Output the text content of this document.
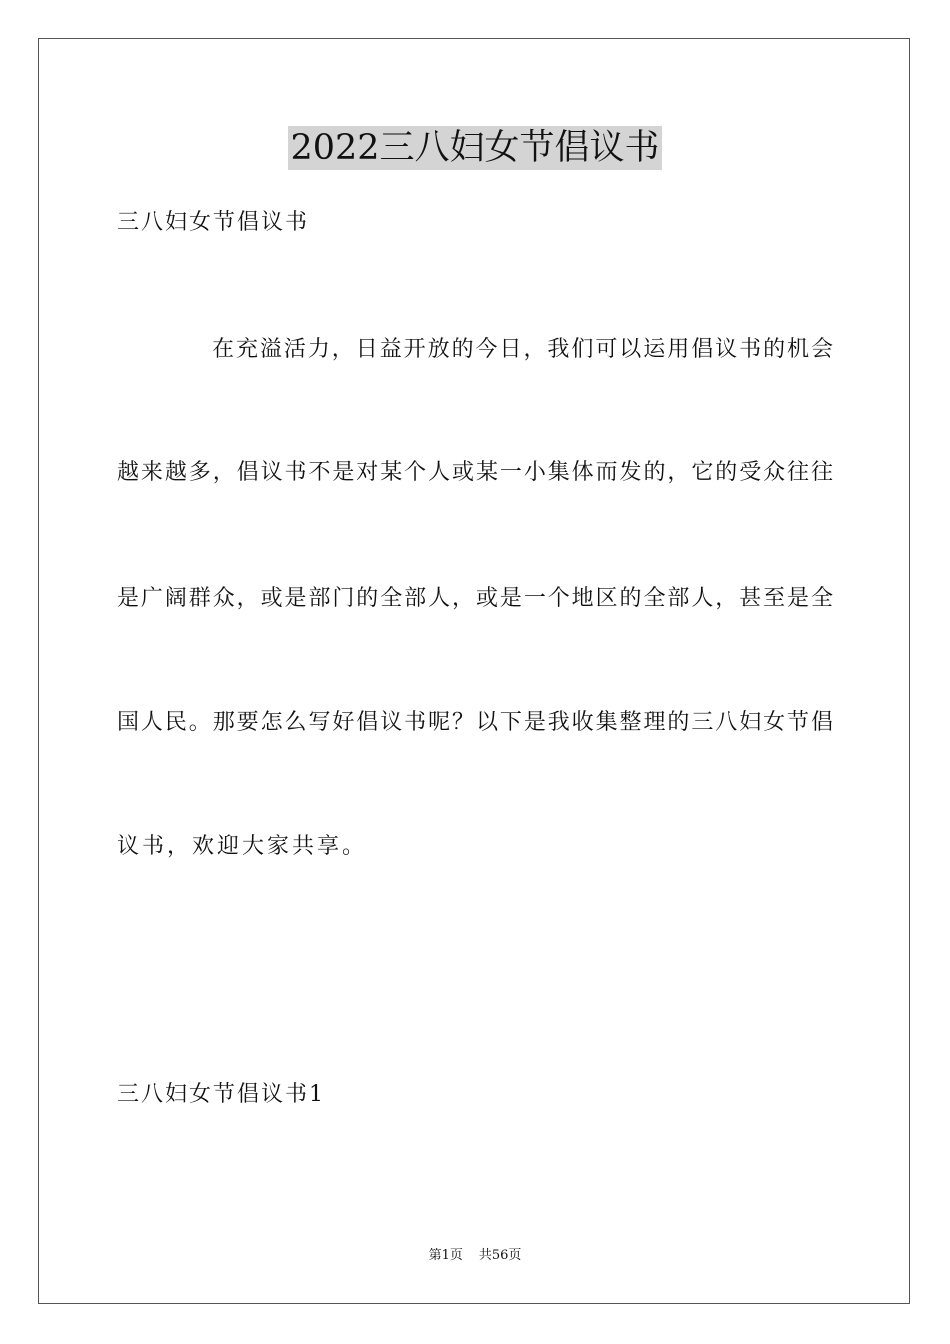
2022三八妇女节倡议书
三八妇女节倡议书
在充溢活力，日益开放的今日，我们可以运用倡议书的机会
越来越多，倡议书不是对某个人或某一小集体而发的，它的受众往往
是广阔群众，或是部门的全部人，或是一个地区的全部人，甚至是全
国人民。那要怎么写好倡议书呢？以下是我收集整理的三八妇女节倡
议书，欢迎大家共享。
三八妇女节倡议书1
第1页 共56页
